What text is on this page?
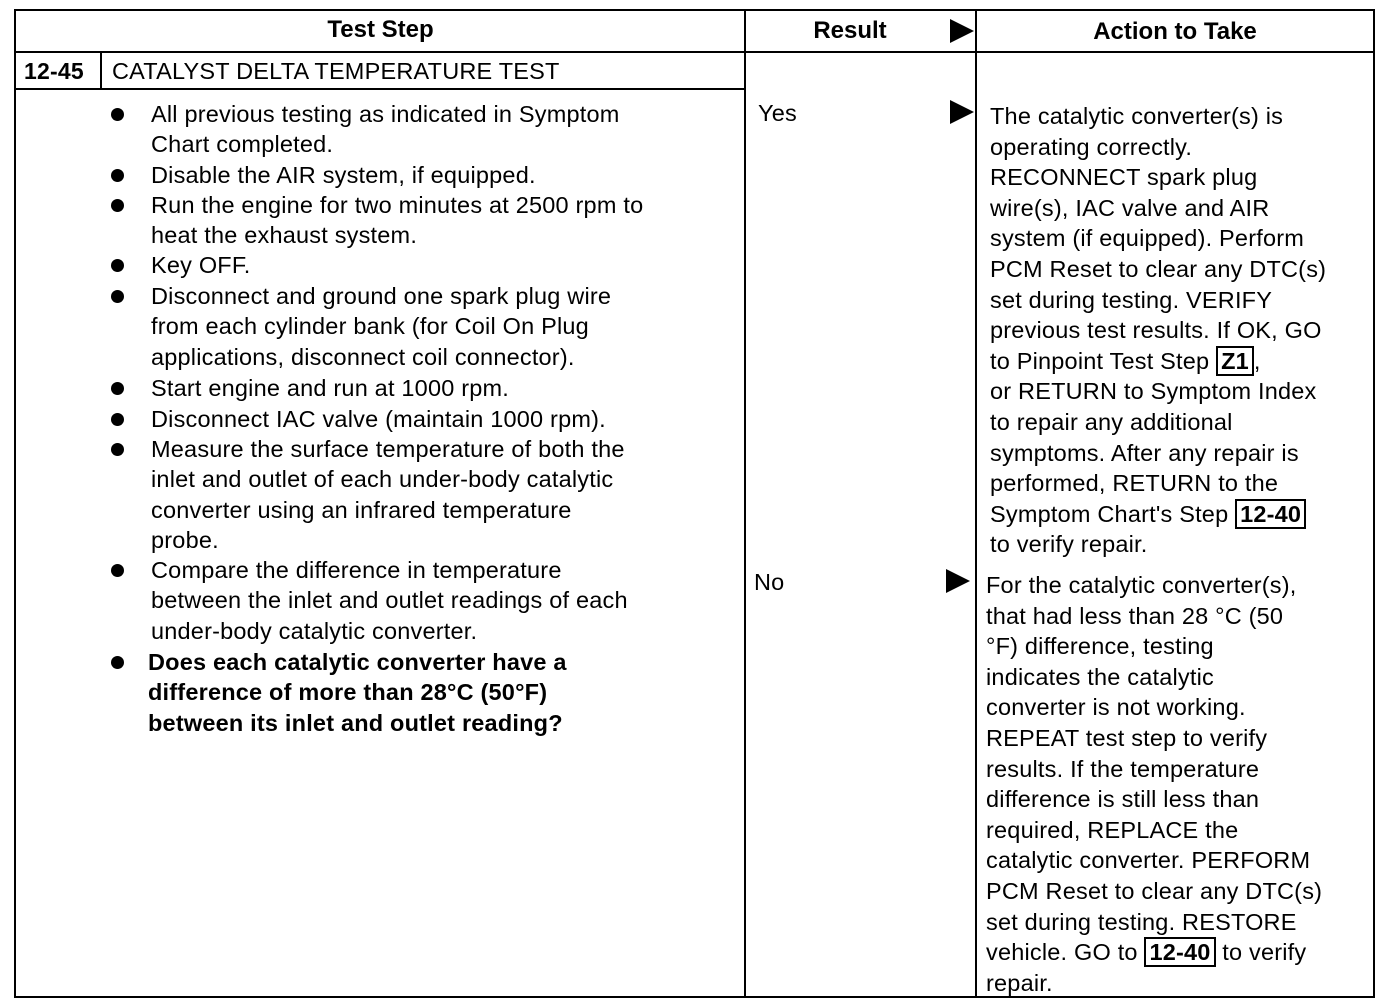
Test Step	Result	Action to Take
12-45 CATALYST DELTA TEMPERATURE TEST
All previous testing as indicated in Symptom
Chart completed.
Disable the AIR system, if equipped.
Run the engine for two minutes at 2500 rpm to
heat the exhaust system.
Key OFF.
Disconnect and ground one spark plug wire
from each cylinder bank (for Coil On Plug
applications, disconnect coil connector).
Start engine and run at 1000 rpm.
Disconnect IAC valve (maintain 1000 rpm).
Measure the surface temperature of both the
inlet and outlet of each under-body catalytic
converter using an infrared temperature
probe.
Compare the difference in temperature
between the inlet and outlet readings of each
under-body catalytic converter.
Does each catalytic converter have a
difference of more than 28°C (50°F)
between its inlet and outlet reading?
Yes
No
The catalytic converter(s) is
operating correctly.
RECONNECT spark plug
wire(s), IAC valve and AIR
system (if equipped). Perform
PCM Reset to clear any DTC(s)
set during testing. VERIFY
previous test results. If OK, GO
to Pinpoint Test Step Z1 ,
or RETURN to Symptom Index
to repair any additional
symptoms. After any repair is
performed, RETURN to the
Symptom Chart's Step 12-40
to verify repair.
For the catalytic converter(s),
that had less than 28 °C (50
°F) difference, testing
indicates the catalytic
converter is not working.
REPEAT test step to verify
results. If the temperature
difference is still less than
required, REPLACE the
catalytic converter. PERFORM
PCM Reset to clear any DTC(s)
set during testing. RESTORE
vehicle. GO to 12-40 to verify
repair.
